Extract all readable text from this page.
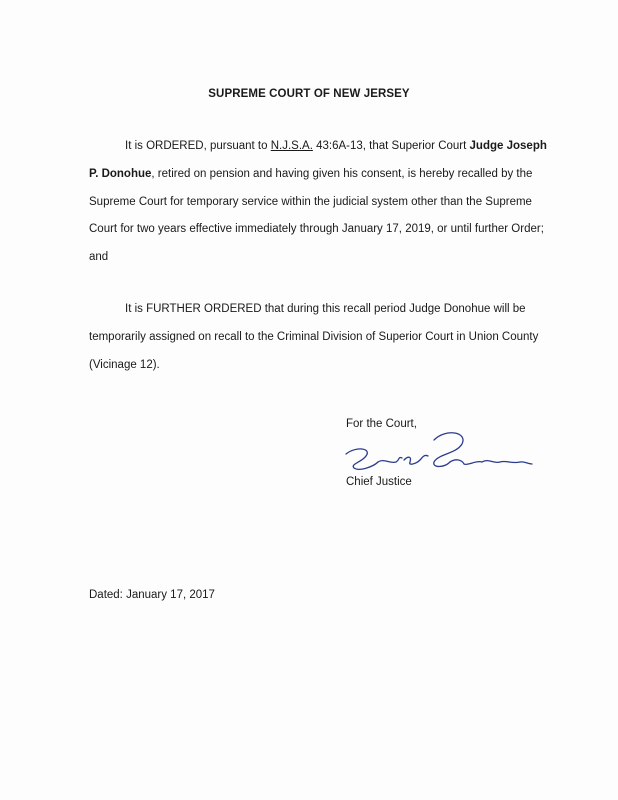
SUPREME COURT OF NEW JERSEY
It is ORDERED, pursuant to N.J.S.A. 43:6A-13, that Superior Court Judge Joseph P. Donohue, retired on pension and having given his consent, is hereby recalled by the Supreme Court for temporary service within the judicial system other than the Supreme Court for two years effective immediately through January 17, 2019, or until further Order; and
It is FURTHER ORDERED that during this recall period Judge Donohue will be temporarily assigned on recall to the Criminal Division of Superior Court in Union County (Vicinage 12).
For the Court,
Chief Justice
Dated: January 17, 2017
